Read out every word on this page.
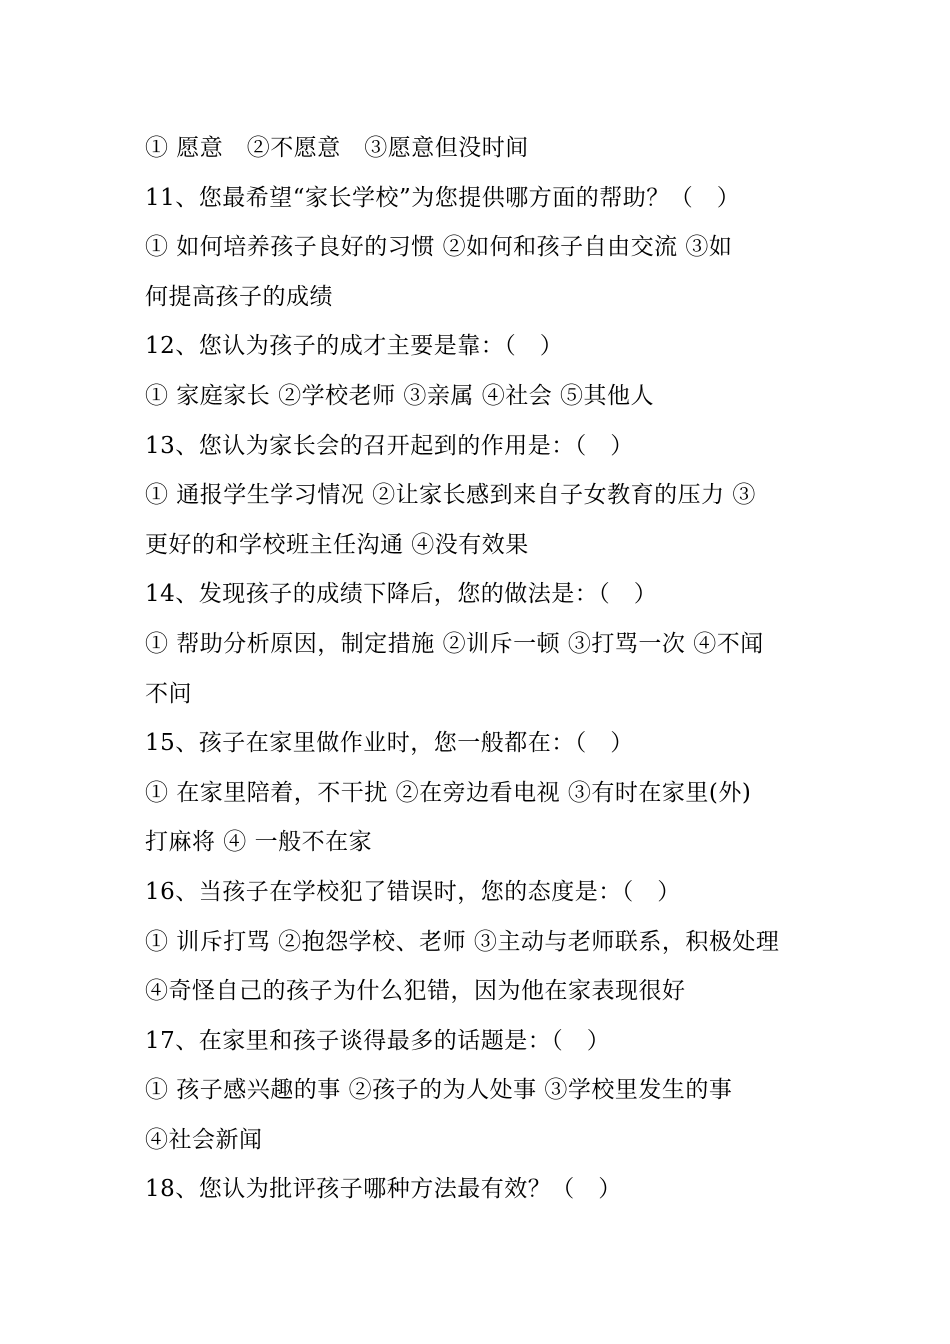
① 愿意　②不愿意　③愿意但没时间
11、您最希望“家长学校”为您提供哪方面的帮助？（　）
① 如何培养孩子良好的习惯 ②如何和孩子自由交流 ③如
何提高孩子的成绩
12、您认为孩子的成才主要是靠：（　）
① 家庭家长 ②学校老师 ③亲属 ④社会 ⑤其他人
13、您认为家长会的召开起到的作用是：（　）
① 通报学生学习情况 ②让家长感到来自子女教育的压力 ③
更好的和学校班主任沟通 ④没有效果
14、发现孩子的成绩下降后，您的做法是：（　）
① 帮助分析原因，制定措施 ②训斥一顿 ③打骂一次 ④不闻
不问
15、孩子在家里做作业时，您一般都在：（　）
① 在家里陪着，不干扰 ②在旁边看电视 ③有时在家里(外)
打麻将 ④ 一般不在家
16、当孩子在学校犯了错误时，您的态度是：（　）
① 训斥打骂 ②抱怨学校、老师 ③主动与老师联系，积极处理
④奇怪自己的孩子为什么犯错，因为他在家表现很好
17、在家里和孩子谈得最多的话题是：（　）
① 孩子感兴趣的事 ②孩子的为人处事 ③学校里发生的事
④社会新闻
18、您认为批评孩子哪种方法最有效？（　）
